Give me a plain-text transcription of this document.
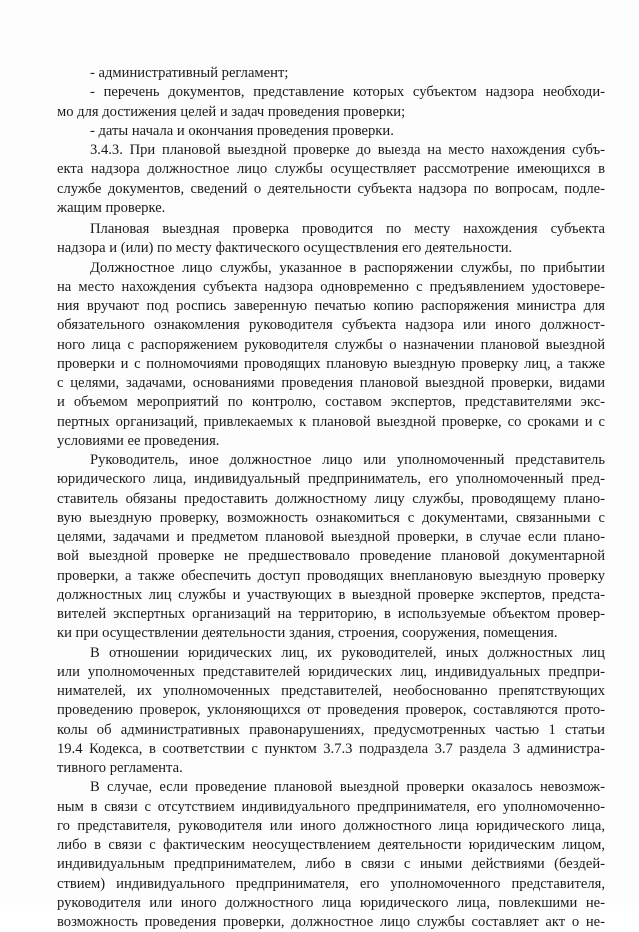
- административный регламент;
- перечень документов, представление которых субъектом надзора необходи-
мо для достижения целей и задач проведения проверки;
- даты начала и окончания проведения проверки.
3.4.3. При плановой выездной проверке до выезда на место нахождения субъ-
екта надзора должностное лицо службы осуществляет рассмотрение имеющихся в
службе документов, сведений о деятельности субъекта надзора по вопросам, подле-
жащим проверке.
Плановая выездная проверка проводится по месту нахождения субъекта
надзора и (или) по месту фактического осуществления его деятельности.
Должностное лицо службы, указанное в распоряжении службы, по прибытии
на место нахождения субъекта надзора одновременно с предъявлением удостовере-
ния вручают под роспись заверенную печатью копию распоряжения министра для
обязательного ознакомления руководителя субъекта надзора или иного должност-
ного лица с распоряжением руководителя службы о назначении плановой выездной
проверки и с полномочиями проводящих плановую выездную проверку лиц, а также
с целями, задачами, основаниями проведения плановой выездной проверки, видами
и объемом мероприятий по контролю, составом экспертов, представителями экс-
пертных организаций, привлекаемых к плановой выездной проверке, со сроками и с
условиями ее проведения.
Руководитель, иное должностное лицо или уполномоченный представитель
юридического лица, индивидуальный предприниматель, его уполномоченный пред-
ставитель обязаны предоставить должностному лицу службы, проводящему плано-
вую выездную проверку, возможность ознакомиться с документами, связанными с
целями, задачами и предметом плановой выездной проверки, в случае если плано-
вой выездной проверке не предшествовало проведение плановой документарной
проверки, а также обеспечить доступ проводящих внеплановую выездную проверку
должностных лиц службы и участвующих в выездной проверке экспертов, предста-
вителей экспертных организаций на территорию, в используемые объектом провер-
ки при осуществлении деятельности здания, строения, сооружения, помещения.
В отношении юридических лиц, их руководителей, иных должностных лиц
или уполномоченных представителей юридических лиц, индивидуальных предпри-
нимателей, их уполномоченных представителей, необоснованно препятствующих
проведению проверок, уклоняющихся от проведения проверок, составляются прото-
колы об административных правонарушениях, предусмотренных частью 1 статьи
19.4 Кодекса, в соответствии с пунктом 3.7.3 подраздела 3.7 раздела 3 администра-
тивного регламента.
В случае, если проведение плановой выездной проверки оказалось невозмож-
ным в связи с отсутствием индивидуального предпринимателя, его уполномоченно-
го представителя, руководителя или иного должностного лица юридического лица,
либо в связи с фактическим неосуществлением деятельности юридическим лицом,
индивидуальным предпринимателем, либо в связи с иными действиями (бездей-
ствием) индивидуального предпринимателя, его уполномоченного представителя,
руководителя или иного должностного лица юридического лица, повлекшими не-
возможность проведения проверки, должностное лицо службы составляет акт о не-
